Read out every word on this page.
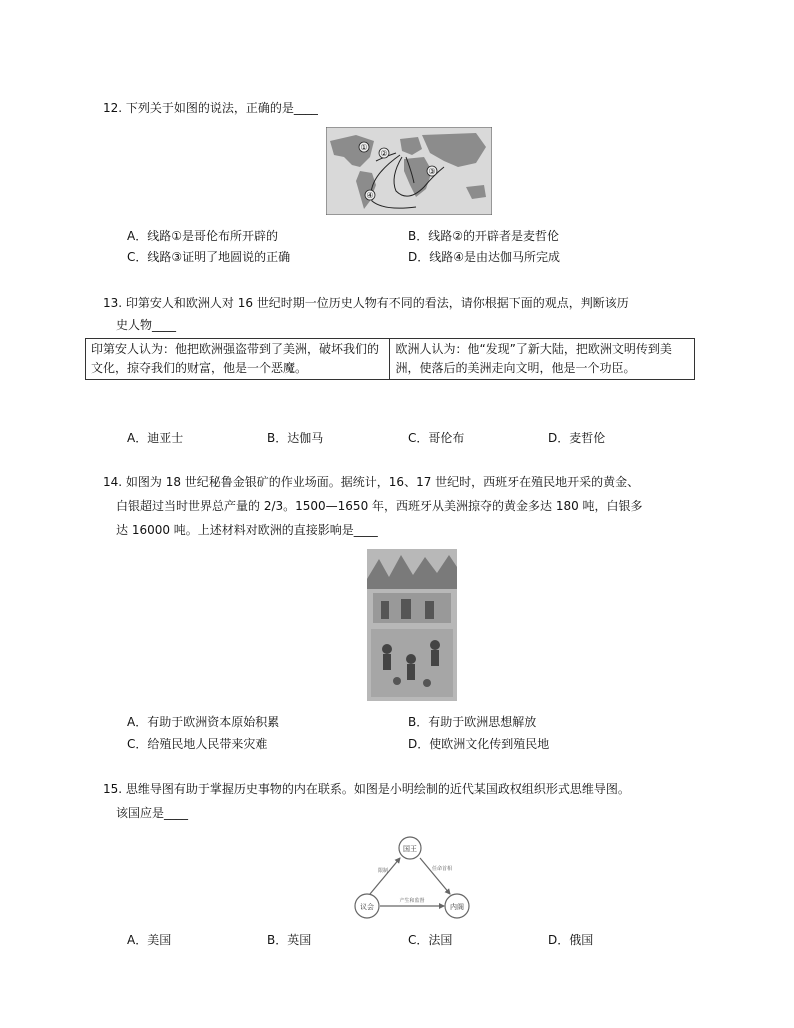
12. 下列关于如图的说法，正确的是____
①
②
③
④
A．线路①是哥伦布所开辟的	B．线路②的开辟者是麦哲伦
C．线路③证明了地圆说的正确	D．线路④是由达伽马所完成
13. 印第安人和欧洲人对 16 世纪时期一位历史人物有不同的看法，请你根据下面的观点，判断该历
史人物____
印第安人认为：他把欧洲强盗带到了美洲，破坏我们的文化，掠夺我们的财富，他是一个恶魔。	欧洲人认为：他“发现”了新大陆，把欧洲文明传到美洲，使落后的美洲走向文明，他是一个功臣。
A．迪亚士	B．达伽马	C．哥伦布	D．麦哲伦
14. 如图为 18 世纪秘鲁金银矿的作业场面。据统计，16、17 世纪时，西班牙在殖民地开采的黄金、
白银超过当时世界总产量的 2/3。1500—1650 年，西班牙从美洲掠夺的黄金多达 180 吨，白银多
达 16000 吨。上述材料对欧洲的直接影响是____
A．有助于欧洲资本原始积累	B．有助于欧洲思想解放
C．给殖民地人民带来灾难	D．使欧洲文化传到殖民地
15. 思维导图有助于掌握历史事物的内在联系。如图是小明绘制的近代某国政权组织形式思维导图。
该国应是____
国王
议会	内阁
限制	任命首相
产生和监督
A．美国	B．英国	C．法国	D．俄国
